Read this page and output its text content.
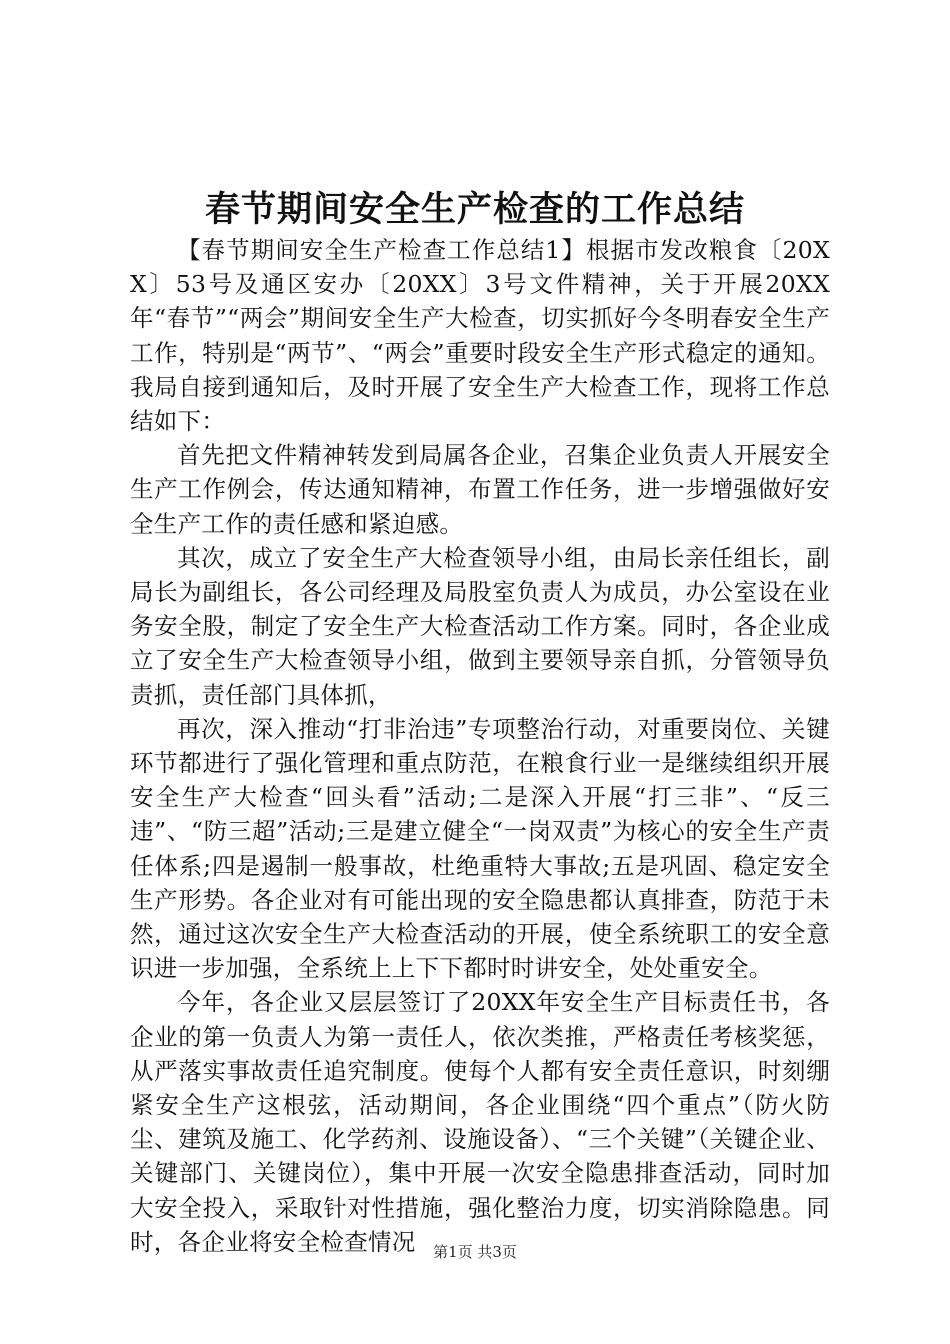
春节期间安全生产检查的工作总结

【春节期间安全生产检查工作总结1】根据市发改粮食〔20XX〕53号及通区安办〔20XX〕3号文件精神，关于开展20XX年“春节”“两会”期间安全生产大检查，切实抓好今冬明春安全生产工作，特别是“两节”、“两会”重要时段安全生产形式稳定的通知。我局自接到通知后，及时开展了安全生产大检查工作，现将工作总结如下：

首先把文件精神转发到局属各企业，召集企业负责人开展安全生产工作例会，传达通知精神，布置工作任务，进一步增强做好安全生产工作的责任感和紧迫感。

其次，成立了安全生产大检查领导小组，由局长亲任组长，副局长为副组长，各公司经理及局股室负责人为成员，办公室设在业务安全股，制定了安全生产大检查活动工作方案。同时，各企业成立了安全生产大检查领导小组，做到主要领导亲自抓，分管领导负责抓，责任部门具体抓，

再次，深入推动“打非治违”专项整治行动，对重要岗位、关键环节都进行了强化管理和重点防范，在粮食行业一是继续组织开展安全生产大检查“回头看”活动;二是深入开展“打三非”、“反三违”、“防三超”活动;三是建立健全“一岗双责”为核心的安全生产责任体系;四是遏制一般事故，杜绝重特大事故;五是巩固、稳定安全生产形势。各企业对有可能出现的安全隐患都认真排查，防范于未然，通过这次安全生产大检查活动的开展，使全系统职工的安全意识进一步加强，全系统上上下下都时时讲安全，处处重安全。

今年，各企业又层层签订了20XX年安全生产目标责任书，各企业的第一负责人为第一责任人，依次类推，严格责任考核奖惩，从严落实事故责任追究制度。使每个人都有安全责任意识，时刻绷紧安全生产这根弦，活动期间，各企业围绕“四个重点”（防火防尘、建筑及施工、化学药剂、设施设备）、“三个关键”（关键企业、关键部门、关键岗位），集中开展一次安全隐患排查活动，同时加大安全投入，采取针对性措施，强化整治力度，切实消除隐患。同时，各企业将安全检查情况	第1页 共3页
